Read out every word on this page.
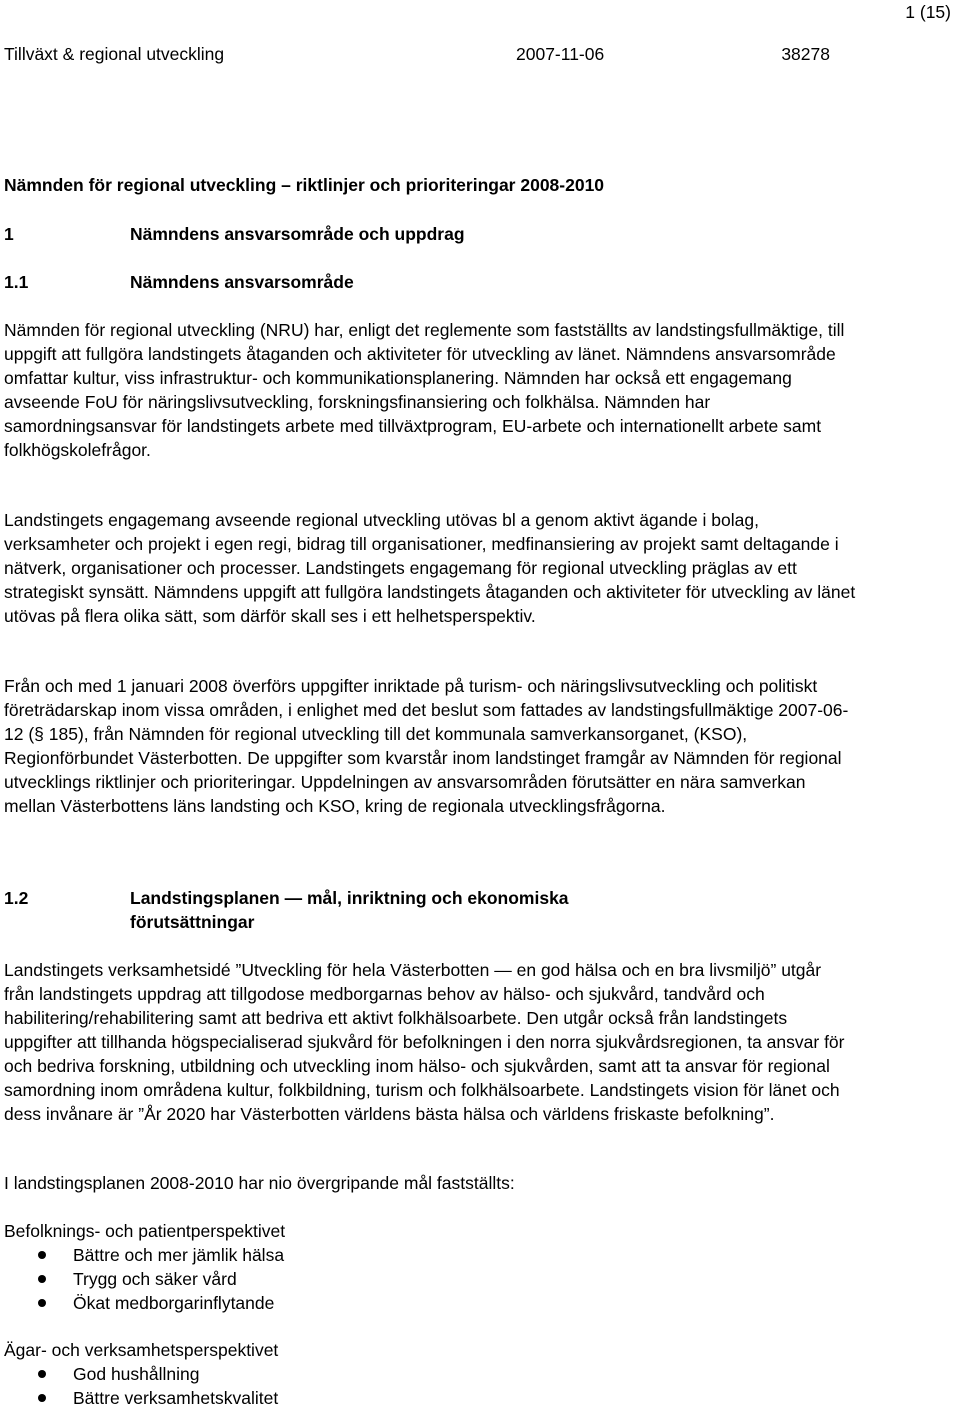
1 (15)
Tillväxt & regional utveckling	2007-11-06	38278
Nämnden för regional utveckling – riktlinjer och prioriteringar 2008-2010
1	Nämndens ansvarsområde och uppdrag
1.1	Nämndens ansvarsområde

Nämnden för regional utveckling (NRU) har, enligt det reglemente som fastställts av landstingsfullmäktige, till uppgift att fullgöra landstingets åtaganden och aktiviteter för utveckling av länet. Nämndens ansvarsområde omfattar kultur, viss infrastruktur- och kommunikationsplanering. Nämnden har också ett engagemang avseende FoU för näringslivsutveckling, forskningsfinansiering och folkhälsa. Nämnden har samordningsansvar för landstingets arbete med tillväxtprogram, EU-arbete och internationellt arbete samt folkhögskolefrågor.

Landstingets engagemang avseende regional utveckling utövas bl a genom aktivt ägande i bolag, verksamheter och projekt i egen regi, bidrag till organisationer, medfinansiering av projekt samt deltagande i nätverk, organisationer och processer. Landstingets engagemang för regional utveckling präglas av ett strategiskt synsätt. Nämndens uppgift att fullgöra landstingets åtaganden och aktiviteter för utveckling av länet utövas på flera olika sätt, som därför skall ses i ett helhetsperspektiv.

Från och med 1 januari 2008 överförs uppgifter inriktade på turism- och näringslivsutveckling och politiskt företrädarskap inom vissa områden, i enlighet med det beslut som fattades av landstingsfullmäktige 2007-06-12 (§ 185), från Nämnden för regional utveckling till det kommunala samverkansorganet, (KSO), Regionförbundet Västerbotten. De uppgifter som kvarstår inom landstinget framgår av Nämnden för regional utvecklings riktlinjer och prioriteringar. Uppdelningen av ansvarsområden förutsätter en nära samverkan mellan Västerbottens läns landsting och KSO, kring de regionala utvecklingsfrågorna.

1.2	Landstingsplanen — mål, inriktning och ekonomiska förutsättningar

Landstingets verksamhetsidé ”Utveckling för hela Västerbotten — en god hälsa och en bra livsmiljö” utgår från landstingets uppdrag att tillgodose medborgarnas behov av hälso- och sjukvård, tandvård och habilitering/rehabilitering samt att bedriva ett aktivt folkhälsoarbete. Den utgår också från landstingets uppgifter att tillhanda högspecialiserad sjukvård för befolkningen i den norra sjukvårdsregionen, ta ansvar för och bedriva forskning, utbildning och utveckling inom hälso- och sjukvården, samt att ta ansvar för regional samordning inom områdena kultur, folkbildning, turism och folkhälsoarbete. Landstingets vision för länet och dess invånare är ”År 2020 har Västerbotten världens bästa hälsa och världens friskaste befolkning”.

I landstingsplanen 2008-2010 har nio övergripande mål fastställts:

Befolknings- och patientperspektivet
Bättre och mer jämlik hälsa
Trygg och säker vård
Ökat medborgarinflytande
Ägar- och verksamhetsperspektivet
God hushållning
Bättre verksamhetskvalitet
